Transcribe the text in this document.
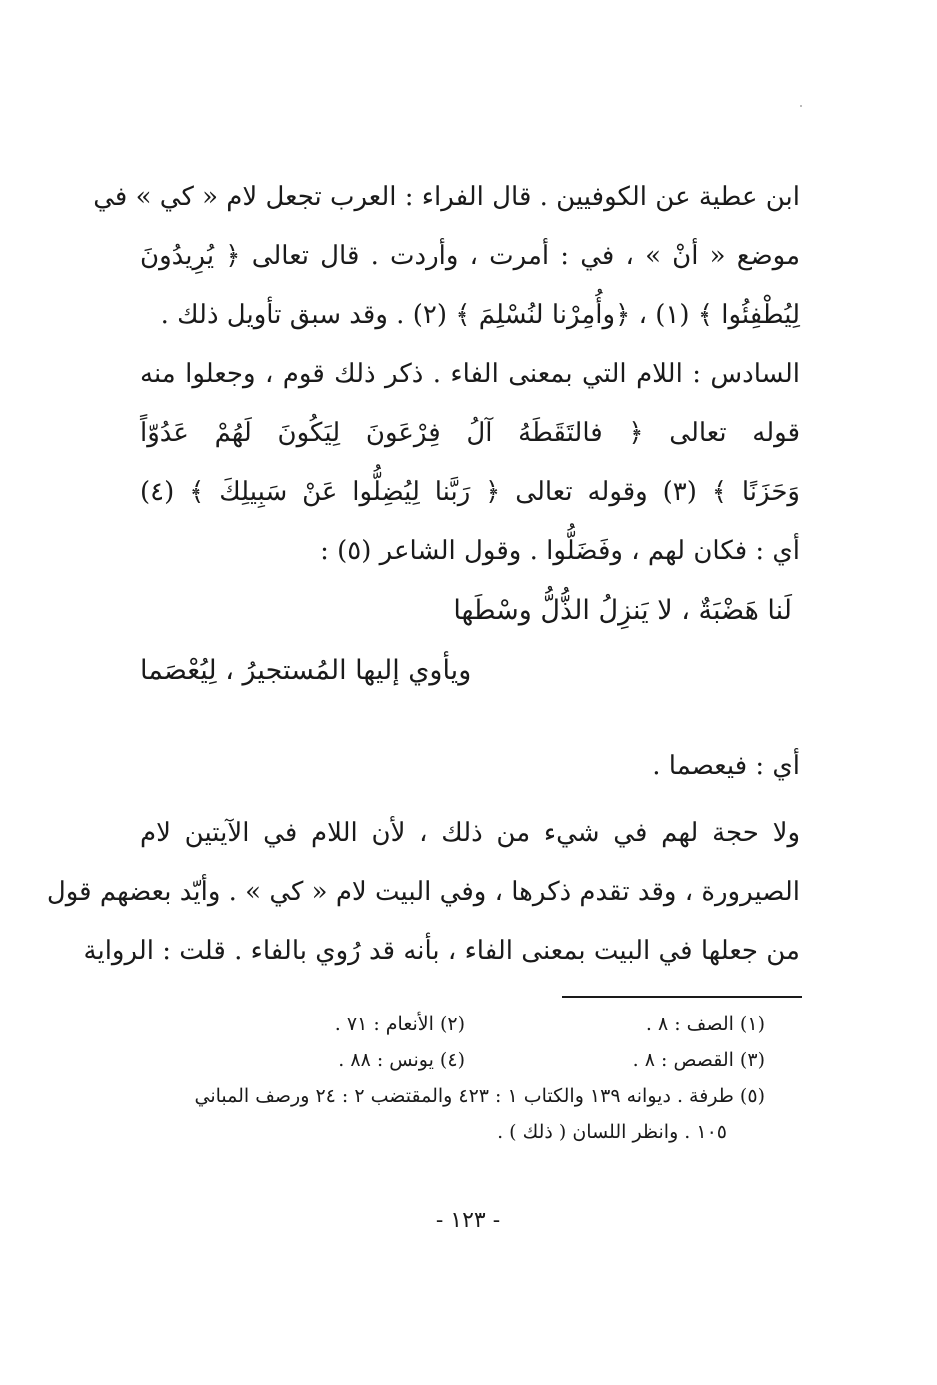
ابن عطية عن الكوفيين . قال الفراء : العرب تجعل لام « كي » في
موضع « أنْ » ، في : أمرت ، وأردت . قال تعالى ﴿ يُرِيدُونَ
لِيُطْفِئُوا ﴾ (١) ، ﴿وأُمِرْنا لنُسْلِمَ ﴾ (٢) . وقد سبق تأويل ذلك .
السادس : اللام التي بمعنى الفاء . ذكر ذلك قوم ، وجعلوا منه
قوله تعالى ﴿ فالتَقَطَهُ آلُ فِرْعَونَ لِيَكُونَ لَهُمْ عَدُوّاً
وَحَزَنًا ﴾ (٣) وقوله تعالى ﴿ رَبَّنا لِيُضِلُّوا عَنْ سَبِيلِكَ ﴾ (٤)
أي : فكان لهم ، وفَضَلُّوا . وقول الشاعر (٥) :
لَنا هَضْبَةٌ ، لا يَنزِلُ الذُّلُّ وسْطَها
ويأوي إليها المُستجيرُ ، لِيُعْصَما
أي : فيعصما .
ولا حجة لهم في شيء من ذلك ، لأن اللام في الآيتين لام
الصيرورة ، وقد تقدم ذكرها ، وفي البيت لام « كي » . وأيّد بعضهم قول
من جعلها في البيت بمعنى الفاء ، بأنه قد رُوي بالفاء . قلت : الرواية
(١) الصف : ٨ .
(٢) الأنعام : ٧١ .
(٣) القصص : ٨ .
(٤) يونس : ٨٨ .
(٥) طرفة . ديوانه ١٣٩ والكتاب ١ : ٤٢٣ والمقتضب ٢ : ٢٤ ورصف المباني
١٠٥ . وانظر اللسان ( ذلك ) .
- ١٢٣ -
